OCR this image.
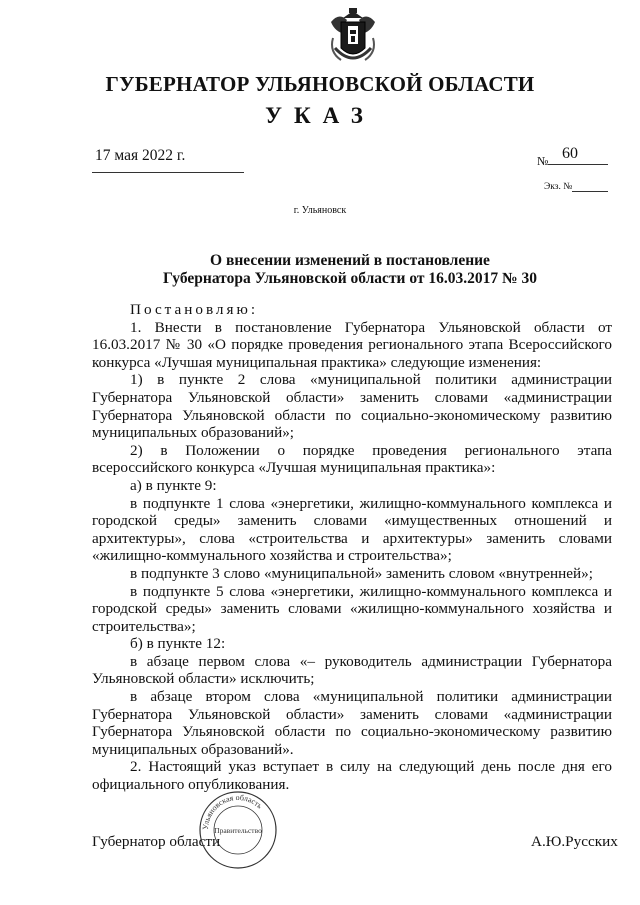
ГУБЕРНАТОР УЛЬЯНОВСКОЙ ОБЛАСТИ
УКАЗ
17 мая 2022 г.	№ 60
Экз. №
г. Ульяновск
О внесении изменений в постановление
Губернатора Ульяновской области от 16.03.2017 № 30

Постановляю:

1. Внести в постановление Губернатора Ульяновской области от 16.03.2017 № 30 «О порядке проведения регионального этапа Всероссийского конкурса «Лучшая муниципальная практика» следующие изменения:

1) в пункте 2 слова «муниципальной политики администрации Губернатора Ульяновской области» заменить словами «администрации Губернатора Ульяновской области по социально-экономическому развитию муниципальных образований»;

2) в Положении о порядке проведения регионального этапа всероссийского конкурса «Лучшая муниципальная практика»:

а) в пункте 9:

в подпункте 1 слова «энергетики, жилищно-коммунального комплекса и городской среды» заменить словами «имущественных отношений и архитектуры», слова «строительства и архитектуры» заменить словами «жилищно-коммунального хозяйства и строительства»;

в подпункте 3 слово «муниципальной» заменить словом «внутренней»;

в подпункте 5 слова «энергетики, жилищно-коммунального комплекса и городской среды» заменить словами «жилищно-коммунального хозяйства и строительства»;

б) в пункте 12:

в абзаце первом слова «– руководитель администрации Губернатора Ульяновской области» исключить;

в абзаце втором слова «муниципальной политики администрации Губернатора Ульяновской области» заменить словами «администрации Губернатора Ульяновской области по социально-экономическому развитию муниципальных образований».

2. Настоящий указ вступает в силу на следующий день после дня его официального опубликования.

Губернатор области	А.Ю.Русских
Ульяновская область
Правительство
